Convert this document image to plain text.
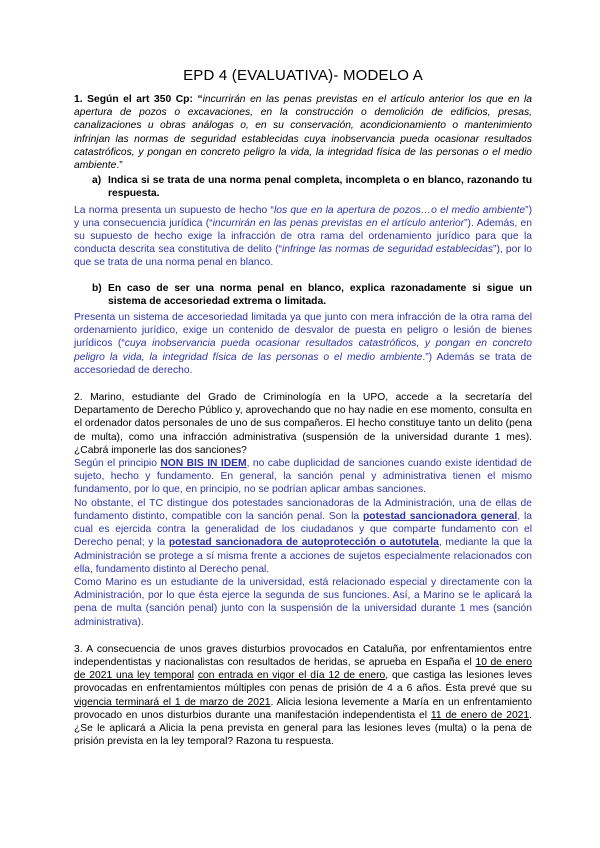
EPD 4 (EVALUATIVA)- MODELO A

1. Según el art 350 Cp: “incurrirán en las penas previstas en el artículo anterior los que en la apertura de pozos o excavaciones, en la construcción o demolición de edificios, presas, canalizaciones u obras análogas o, en su conservación, acondicionamiento o mantenimiento infrinjan las normas de seguridad establecidas cuya inobservancia pueda ocasionar resultados catastróficos, y pongan en concreto peligro la vida, la integridad física de las personas o el medio ambiente.”

a) Indica si se trata de una norma penal completa, incompleta o en blanco, razonando tu respuesta.

La norma presenta un supuesto de hecho “los que en la apertura de pozos…o el medio ambiente”) y una consecuencia jurídica (“incurrirán en las penas previstas en el artículo anterior”). Además, en su supuesto de hecho exige la infracción de otra rama del ordenamiento jurídico para que la conducta descrita sea constitutiva de delito (“infringe las normas de seguridad establecidas”), por lo que se trata de una norma penal en blanco.

b) En caso de ser una norma penal en blanco, explica razonadamente si sigue un sistema de accesoriedad extrema o limitada.

Presenta un sistema de accesoriedad limitada ya que junto con mera infracción de la otra rama del ordenamiento jurídico, exige un contenido de desvalor de puesta en peligro o lesión de bienes jurídicos (“cuya inobservancia pueda ocasionar resultados catastróficos, y pongan en concreto peligro la vida, la integridad física de las personas o el medio ambiente.”) Además se trata de accesoriedad de derecho.

2. Marino, estudiante del Grado de Criminología en la UPO, accede a la secretaría del Departamento de Derecho Público y, aprovechando que no hay nadie en ese momento, consulta en el ordenador datos personales de uno de sus compañeros. El hecho constituye tanto un delito (pena de multa), como una infracción administrativa (suspensión de la universidad durante 1 mes). ¿Cabrá imponerle las dos sanciones?

Según el principio NON BIS IN IDEM, no cabe duplicidad de sanciones cuando existe identidad de sujeto, hecho y fundamento. En general, la sanción penal y administrativa tienen el mismo fundamento, por lo que, en principio, no se podrían aplicar ambas sanciones.

No obstante, el TC distingue dos potestades sancionadoras de la Administración, una de ellas de fundamento distinto, compatible con la sanción penal. Son la potestad sancionadora general, la cual es ejercida contra la generalidad de los ciudadanos y que comparte fundamento con el Derecho penal; y la potestad sancionadora de autoprotección o autotutela, mediante la que la Administración se protege a sí misma frente a acciones de sujetos especialmente relacionados con ella, fundamento distinto al Derecho penal.

Como Marino es un estudiante de la universidad, está relacionado especial y directamente con la Administración, por lo que ésta ejerce la segunda de sus funciones. Así, a Marino se le aplicará la pena de multa (sanción penal) junto con la suspensión de la universidad durante 1 mes (sanción administrativa).

3. A consecuencia de unos graves disturbios provocados en Cataluña, por enfrentamientos entre independentistas y nacionalistas con resultados de heridas, se aprueba en España el 10 de enero de 2021 una ley temporal con entrada en vigor el día 12 de enero, que castiga las lesiones leves provocadas en enfrentamientos múltiples con penas de prisión de 4 a 6 años. Ésta prevé que su vigencia terminará el 1 de marzo de 2021. Alicia lesiona levemente a María en un enfrentamiento provocado en unos disturbios durante una manifestación independentista el 11 de enero de 2021. ¿Se le aplicará a Alicia la pena prevista en general para las lesiones leves (multa) o la pena de prisión prevista en la ley temporal? Razona tu respuesta.
